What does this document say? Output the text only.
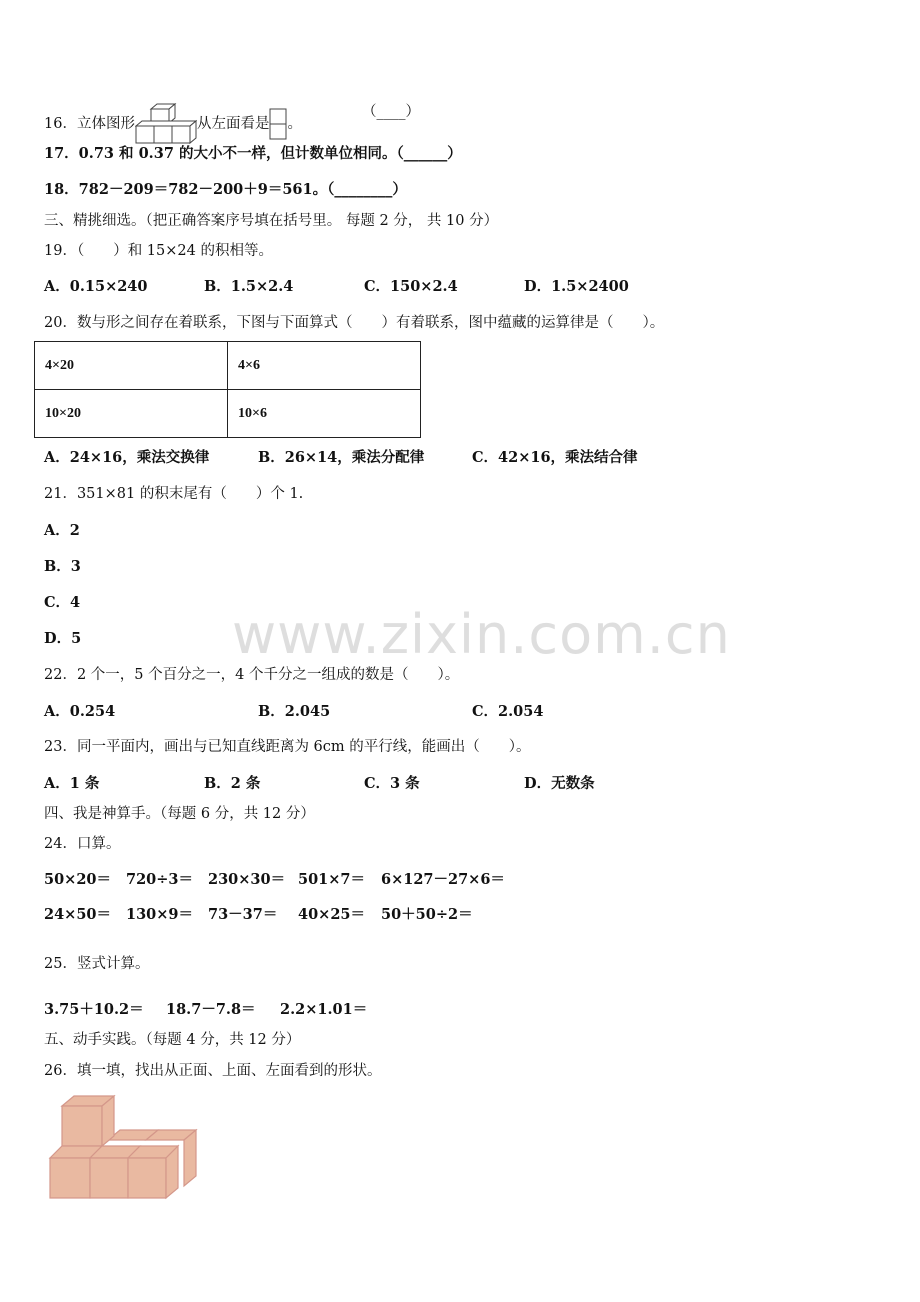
www.zixin.com.cn
16．立体图形	从左面看是 。
（____）
17．0.73 和 0.37 的大小不一样，但计数单位相同。（______）
18．782－209＝782－200＋9＝561。（________）
三、精挑细选。（把正确答案序号填在括号里。 每题 2 分， 共 10 分）
19．（　　）和 15×24 的积相等。
A．0.15×240	B．1.5×2.4	C．150×2.4	D．1.5×2400
20．数与形之间存在着联系，下图与下面算式（　　）有着联系，图中蕴藏的运算律是（　　）。
4×20	4×6
10×20	10×6
A．24×16，乘法交换律	B．26×14，乘法分配律	C．42×16，乘法结合律
21．351×81 的积末尾有（　　）个 1.
A．2
B．3
C．4
D．5
22．2 个一，5 个百分之一，4 个千分之一组成的数是（　　）。
A．0.254	B．2.045	C．2.054
23．同一平面内，画出与已知直线距离为 6cm 的平行线，能画出（　　）。
A．1 条	B．2 条	C．3 条	D．无数条
四、我是神算手。（每题 6 分，共 12 分）
24．口算。
50×20＝ 720÷3＝ 230×30＝ 501×7＝ 6×127－27×6＝
24×50＝ 130×9＝ 73－37＝ 40×25＝ 50＋50÷2＝
25．竖式计算。
3.75＋10.2＝ 18.7－7.8＝ 2.2×1.01＝
五、动手实践。（每题 4 分，共 12 分）
26．填一填，找出从正面、上面、左面看到的形状。
